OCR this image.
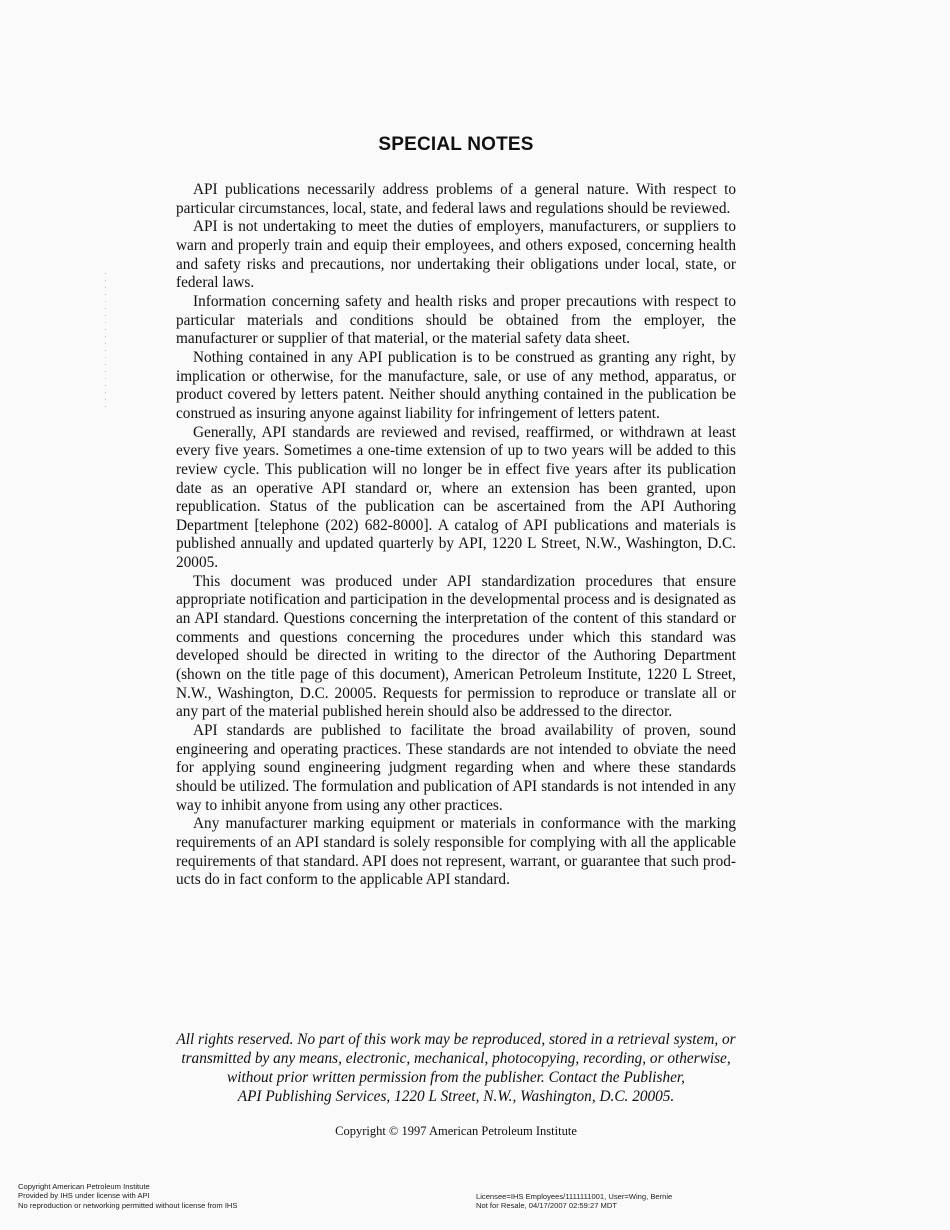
SPECIAL NOTES

API publications necessarily address problems of a general nature. With respect to particular circumstances, local, state, and federal laws and regulations should be reviewed.

API is not undertaking to meet the duties of employers, manufacturers, or suppliers to warn and properly train and equip their employees, and others exposed, concerning health and safety risks and precautions, nor undertaking their obligations under local, state, or federal laws.

Information concerning safety and health risks and proper precautions with respect to particular materials and conditions should be obtained from the employer, the manufacturer or supplier of that material, or the material safety data sheet.

Nothing contained in any API publication is to be construed as granting any right, by implication or otherwise, for the manufacture, sale, or use of any method, apparatus, or product covered by letters patent. Neither should anything contained in the publication be construed as insuring anyone against liability for infringement of letters patent.

Generally, API standards are reviewed and revised, reaffirmed, or withdrawn at least every five years. Sometimes a one-time extension of up to two years will be added to this review cycle. This publication will no longer be in effect five years after its publication date as an operative API standard or, where an extension has been granted, upon republication. Status of the publication can be ascertained from the API Authoring Department [telephone (202) 682-8000]. A catalog of API publications and materials is published annually and updated quarterly by API, 1220 L Street, N.W., Washington, D.C. 20005.

This document was produced under API standardization procedures that ensure appropriate notification and participation in the developmental process and is designated as an API standard. Questions concerning the interpretation of the content of this standard or comments and questions concerning the procedures under which this standard was developed should be directed in writing to the director of the Authoring Department (shown on the title page of this document), American Petroleum Institute, 1220 L Street, N.W., Washington, D.C. 20005. Requests for permission to reproduce or translate all or any part of the material published herein should also be addressed to the director.

API standards are published to facilitate the broad availability of proven, sound engineering and operating practices. These standards are not intended to obviate the need for applying sound engineering judgment regarding when and where these standards should be utilized. The formulation and publication of API standards is not intended in any way to inhibit anyone from using any other practices.

Any manufacturer marking equipment or materials in conformance with the marking requirements of an API standard is solely responsible for complying with all the applicable requirements of that standard. API does not represent, warrant, or guarantee that such products do in fact conform to the applicable API standard.

All rights reserved. No part of this work may be reproduced, stored in a retrieval system, or
transmitted by any means, electronic, mechanical, photocopying, recording, or otherwise,
without prior written permission from the publisher. Contact the Publisher,
API Publishing Services, 1220 L Street, N.W., Washington, D.C. 20005.
Copyright © 1997 American Petroleum Institute
Copyright American Petroleum Institute
Provided by IHS under license with API
No reproduction or networking permitted without license from IHS
Licensee=IHS Employees/1111111001, User=Wing, Bernie
Not for Resale, 04/17/2007 02:59:27 MDT
